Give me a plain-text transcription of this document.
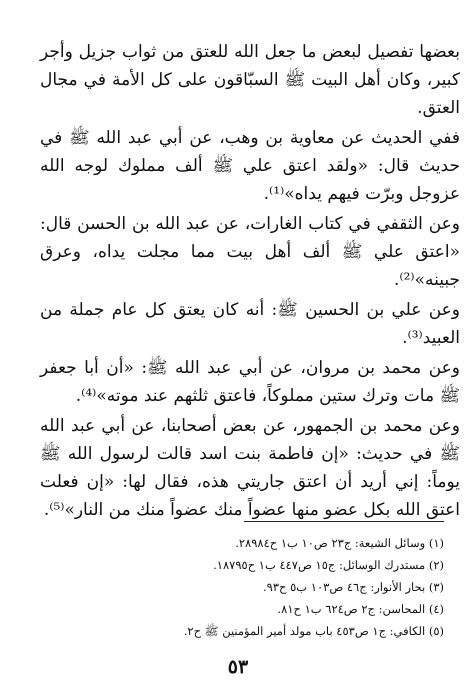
بعضها تفصيل لبعض ما جعل الله للعتق من ثواب جزيل وأجر كبير، وكان أهل البيت ﷺ السبّاقون على كل الأمة في مجال العتق.

ففي الحديث عن معاوية بن وهب، عن أبي عبد الله ﷺ في حديث قال: «ولقد اعتق علي ﷺ ألف مملوك لوجه الله عزوجل وبرّت فيهم يداه»⁽¹⁾.

وعن الثقفي في كتاب الغارات، عن عبد الله بن الحسن قال: «اعتق علي ﷺ ألف أهل بيت مما مجلت يداه، وعرق جبينه»⁽²⁾.

وعن علي بن الحسين ﷺ: أنه كان يعتق كل عام جملة من العبيد⁽³⁾.

وعن محمد بن مروان، عن أبي عبد الله ﷺ: «أن أبا جعفر ﷺ مات وترك ستين مملوكاً، فاعتق ثلثهم عند موته»⁽⁴⁾.

وعن محمد بن الجمهور، عن بعض أصحابنا، عن أبي عبد الله ﷺ في حديث: «إن فاطمة بنت اسد قالت لرسول الله ﷺ يوماً: إني أريد أن اعتق جاريتي هذه، فقال لها: «إن فعلت اعتق الله بكل عضو منها عضواً منك عضواً منك من النار»⁽⁵⁾.

(١) وسائل الشيعة: ج٢٣ ص١٠ ب١ ح٢٨٩٨٤.
(٢) مستدرك الوسائل: ج١٥ ص٤٤٧ ب١ ح١٨٧٩٥.
(٣) بحار الأنوار: ج٤٦ ص١٠٣ ب٥ ح٩٣.
(٤) المحاسن: ج٢ ص٦٢٤ ب١ ح٨١.
(٥) الكافي: ج١ ص٤٥٣ باب مولد أمير المؤمنين ﷺ ح٢.
٥٣
